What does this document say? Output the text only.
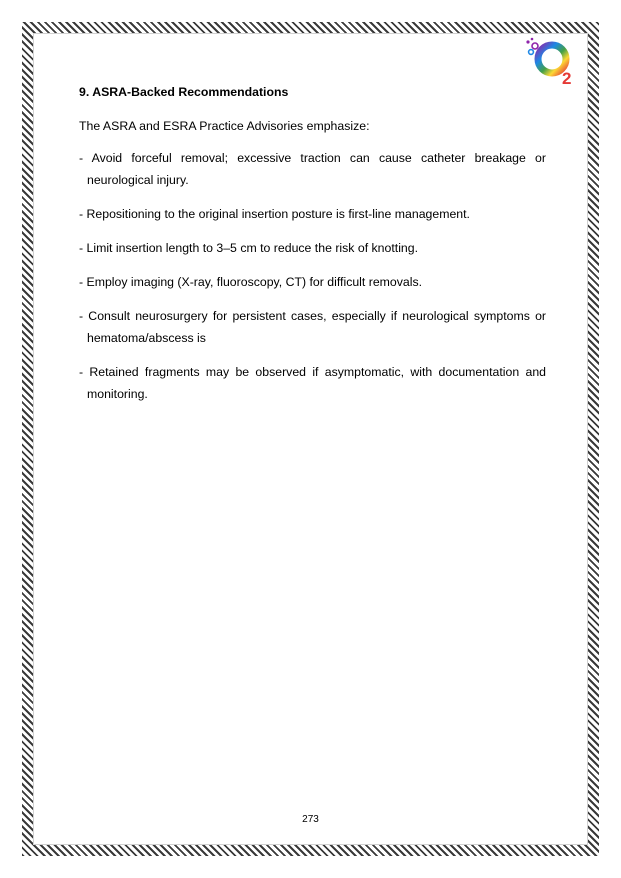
2
9. ASRA-Backed Recommendations

The ASRA and ESRA Practice Advisories emphasize:

- Avoid forceful removal; excessive traction can cause catheter breakage or neurological injury.
- Repositioning to the original insertion posture is first-line management.
- Limit insertion length to 3–5 cm to reduce the risk of knotting.
- Employ imaging (X-ray, fluoroscopy, CT) for difficult removals.
- Consult neurosurgery for persistent cases, especially if neurological symptoms or hematoma/abscess is
- Retained fragments may be observed if asymptomatic, with documentation and monitoring.
273
